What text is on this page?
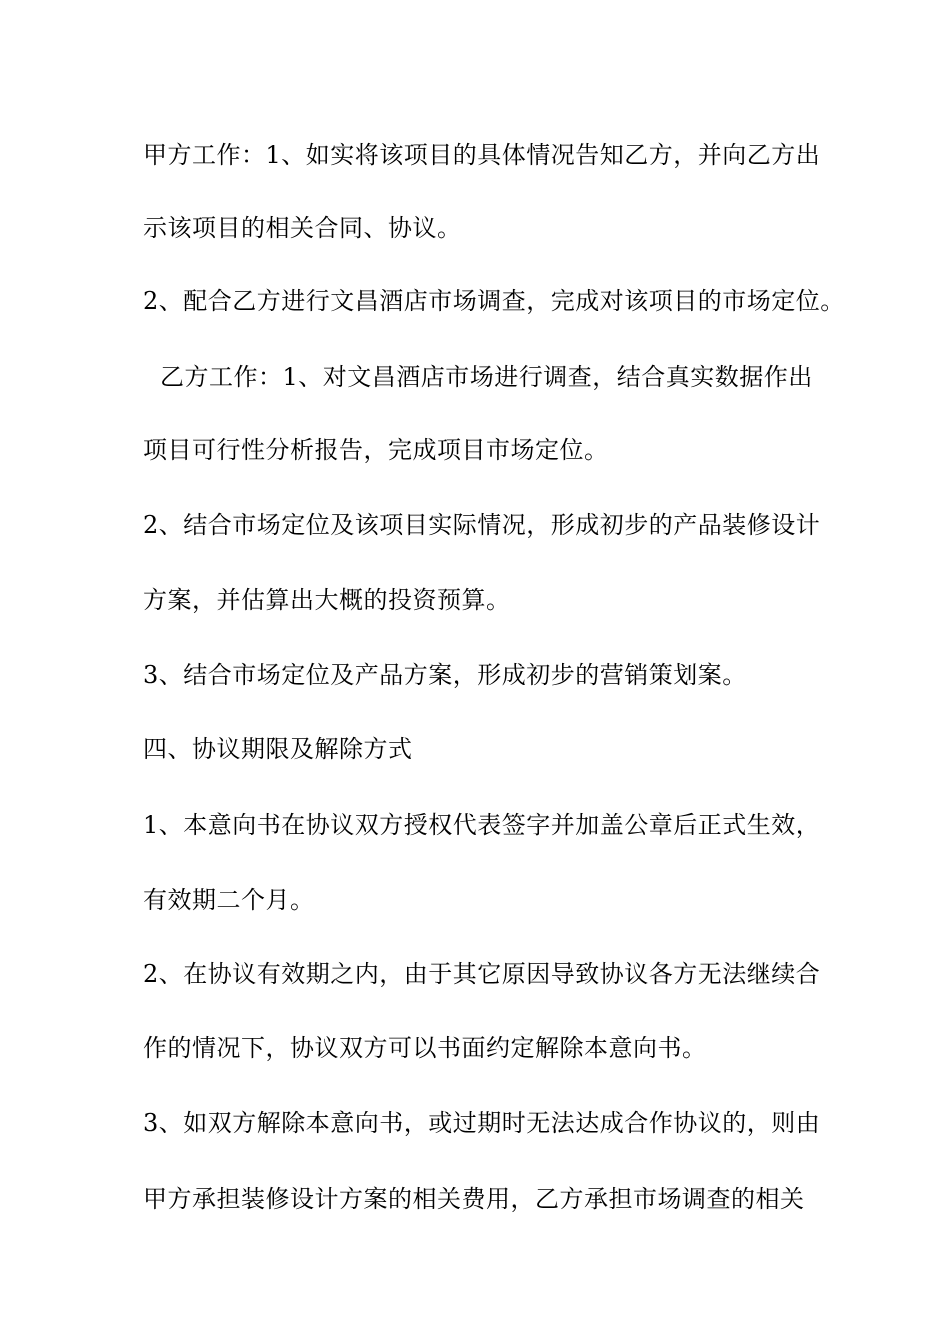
甲方工作：1、如实将该项目的具体情况告知乙方，并向乙方出
示该项目的相关合同、协议。
2、配合乙方进行文昌酒店市场调查，完成对该项目的市场定位。
乙方工作：1、对文昌酒店市场进行调查，结合真实数据作出
项目可行性分析报告，完成项目市场定位。
2、结合市场定位及该项目实际情况，形成初步的产品装修设计
方案，并估算出大概的投资预算。
3、结合市场定位及产品方案，形成初步的营销策划案。
四、协议期限及解除方式
1、本意向书在协议双方授权代表签字并加盖公章后正式生效，
有效期二个月。
2、在协议有效期之内，由于其它原因导致协议各方无法继续合
作的情况下，协议双方可以书面约定解除本意向书。
3、如双方解除本意向书，或过期时无法达成合作协议的，则由
甲方承担装修设计方案的相关费用，乙方承担市场调查的相关
